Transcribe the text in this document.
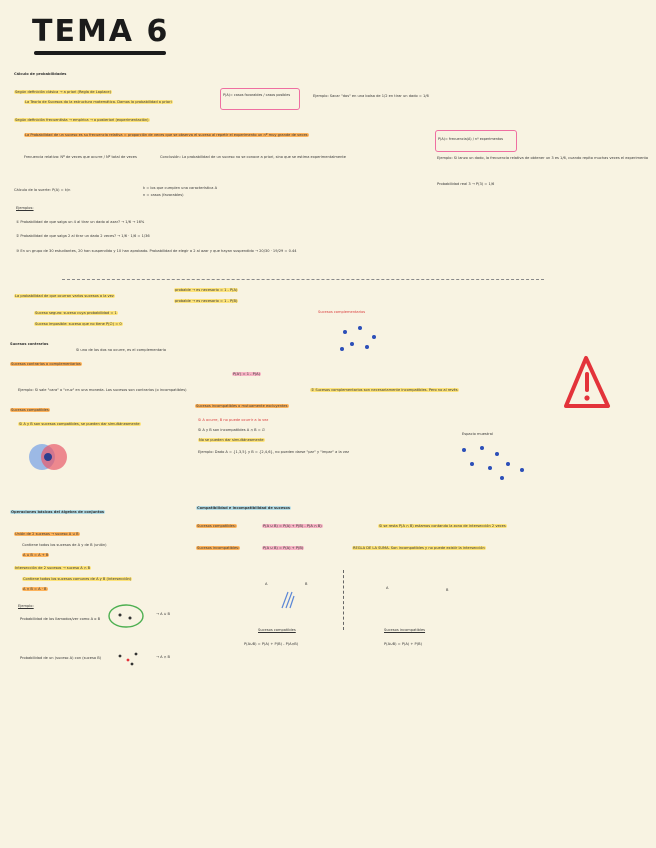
TEMA 6
Cálculo de probabilidades
Según definición clásica → a priori (Regla de Laplace)
La Teoría de Sucesos da la estructura matemática. Damos la probabilidad a priori
P(A)= casos favorables / casos posibles	Ejemplo: Sacar "dos" en una bolsa de 1/2 en tirar un dado = 1/6
Según definición frecuentista → empírica → a posteriori (experimentación)
La Probabilidad de un suceso es su frecuencia relativa = proporción de veces que se observa el suceso al repetir el experimento un nº muy grande de veces
P(A)= frecuencia(A) / nº experimentos
Frecuencia relativa: Nº de veces que ocurre / Nº total de veces	Conclusión: La probabilidad de un suceso no se conoce a priori, sino que se estima experimentalmente	Ejemplo: Si lanzo un dado, la frecuencia relativa de obtener un 3 es 1/6, cuando repito muchas veces el experimento
Probabilidad real 3 → P(3) = 1/6
Cálculo de la suerte: P(A) = k/n	k = los que cumplen una característica A
n = casos (favorables)
Ejemplos:
① Probabilidad de que salga un 4 al tirar un dado al azar? → 1/6 → 16%
② Probabilidad de que salga 2 al tirar un dado 2 veces? → 1/6 · 1/6 = 1/36
③ En un grupo de 30 estudiantes, 20 han suspendido y 10 han aprobado. Probabilidad de elegir a 2 al azar y que hayan suspendido → 20/30 · 19/29 = 0.44
La probabilidad de que ocurran varios sucesos a la vez
probable → es necesario = 1 - P(A)
probable → es necesario = 1 - P(B)
Suceso seguro: suceso cuya probabilidad = 1
Suceso imposible: suceso que no tiene P(∅) = 0
Sucesos complementarios
Sucesos contrarios
Si uno de los dos no ocurre, es el complementario
Sucesos contrarios o complementarios
P(A') = 1 - P(A)
Ejemplo: Si sale "cara" o "cruz" en una moneda. Los sucesos son contrarios (o incompatibles)	② Sucesos complementarios son necesariamente incompatibles. Pero no al revés
Sucesos compatibles
Si A y B son sucesos compatibles, se pueden dar simultáneamente
Sucesos incompatibles o mutuamente excluyentes
Si A ocurre, B no puede ocurrir a la vez
Si A y B son incompatibles A ∩ B = ∅
No se pueden dar simultáneamente
Ejemplo: Dado A = {1,3,5} y B = {2,4,6}, no pueden darse "par" y "impar" a la vez
Espacio muestral
Operaciones básicas del álgebra de conjuntos
Unión de 2 sucesos → suceso A ∪ B
Contiene todos los sucesos de A y de B (unión)
A ∪ B = A + B
Intersección de 2 sucesos → suceso A ∩ B
Contiene todos los sucesos comunes de A y B (intersección)
A ∩ B = A · B
Ejemplo:
Probabilidad de los llamados/ver como A o B
→ A ∪ B
Probabilidad de un (suceso A) con (suceso B)	→ A ∩ B
Compatibilidad e incompatibilidad de sucesos
Sucesos compatibles:	P(A ∪ B) = P(A) + P(B) - P(A ∩ B)	Si se resta P(A ∩ B) estamos contando la zona de intersección 2 veces
Sucesos incompatibles:	P(A ∪ B) = P(A) + P(B)	REGLA DE LA SUMA. Son incompatibles y no puede existir la intersección
A	B
A	B
Sucesos compatibles
P(A∪B) = P(A) + P(B) - P(A∩B)
Sucesos incompatibles
P(A∪B) = P(A) + P(B)
